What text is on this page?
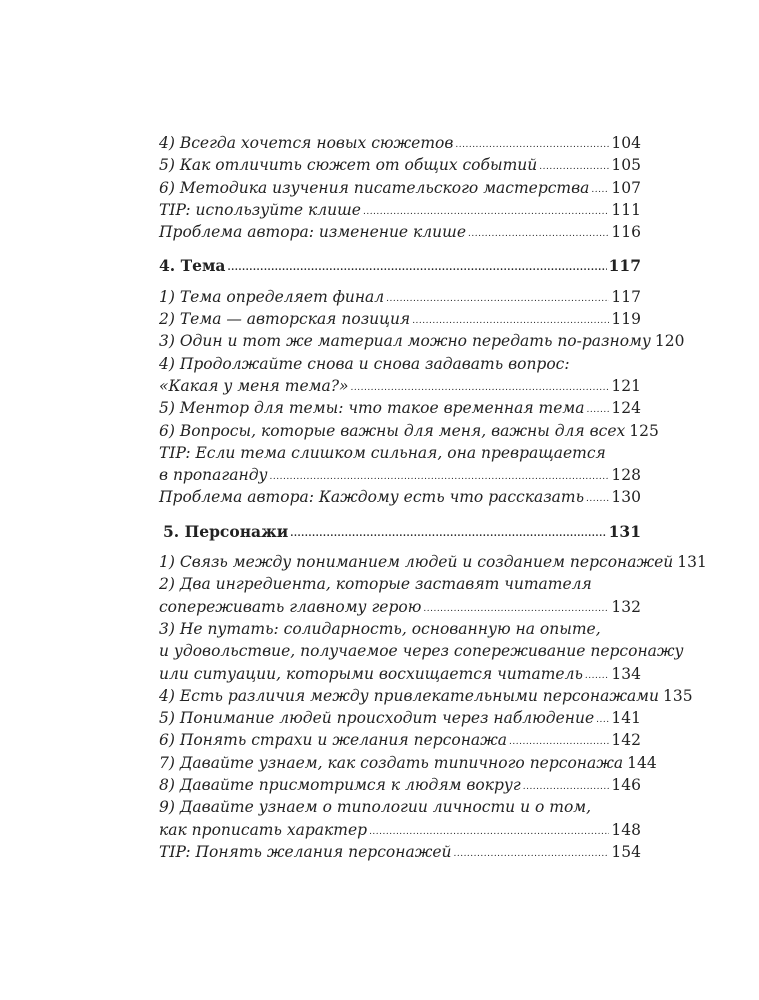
4) Всегда хочется новых сюжетов .....	104
5) Как отличить сюжет от общих событий .....	105
6) Методика изучения писательского мастерства ..... 107
TIP: используйте клише .....	111
Проблема автора: изменение клише .....	116
4. Тема .....	117
1) Тема определяет финал .....	117
2) Тема — авторская позиция .....	119
3) Один и тот же материал можно передать по-разному 120
4) Продолжайте снова и снова задавать вопрос:
«Какая у меня тема?» .....	121
5) Ментор для темы: что такое временная тема ..... 124
6) Вопросы, которые важны для меня, важны для всех 125
TIP: Если тема слишком сильная, она превращается
в пропаганду .....	128
Проблема автора: Каждому есть что рассказать ..... 130
5. Персонажи .....	131
1) Связь между пониманием людей и созданием персонажей 131
2) Два ингредиента, которые заставят читателя
сопереживать главному герою .....	132
3) Не путать: солидарность, основанную на опыте,
и удовольствие, получаемое через сопереживание персонажу
или ситуации, которыми восхищается читатель ..... 134
4) Есть различия между привлекательными персонажами 135
5) Понимание людей происходит через наблюдение ..... 141
6) Понять страхи и желания персонажа .....	142
7) Давайте узнаем, как создать типичного персонажа 144
8) Давайте присмотримся к людям вокруг .....	146
9) Давайте узнаем о типологии личности и о том,
как прописать характер .....	148
TIP: Понять желания персонажей .....	154
